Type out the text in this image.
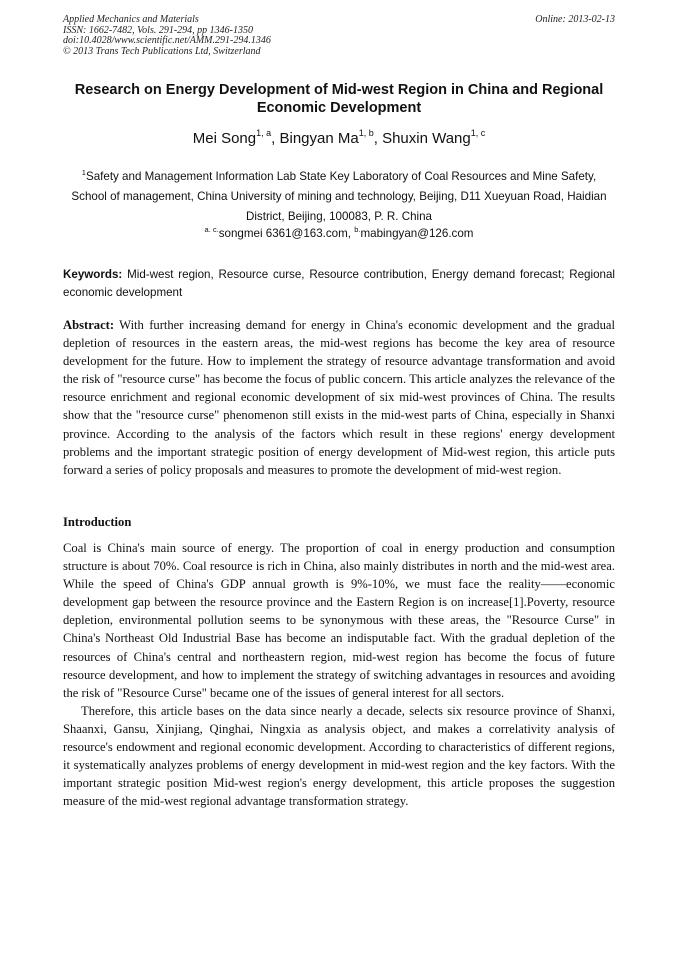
Applied Mechanics and Materials
ISSN: 1662-7482, Vols. 291-294, pp 1346-1350
doi:10.4028/www.scientific.net/AMM.291-294.1346
© 2013 Trans Tech Publications Ltd, Switzerland
Online: 2013-02-13
Research on Energy Development of Mid-west Region in China and Regional Economic Development
Mei Song$^{1, a}$, Bingyan Ma$^{1, b}$, Shuxin Wang$^{1, c}$
$^1$Safety and Management Information Lab State Key Laboratory of Coal Resources and Mine Safety, School of management, China University of mining and technology, Beijing, D11 Xueyuan Road, Haidian District, Beijing, 100083, P. R. China
$^{a. c.}$songmei 6361@163.com, $^{b.}$mabingyan@126.com
Keywords: Mid-west region, Resource curse, Resource contribution, Energy demand forecast; Regional economic development
Abstract: With further increasing demand for energy in China's economic development and the gradual depletion of resources in the eastern areas, the mid-west regions has become the key area of resource development for the future. How to implement the strategy of resource advantage transformation and avoid the risk of "resource curse" has become the focus of public concern. This article analyzes the relevance of the resource enrichment and regional economic development of six mid-west provinces of China. The results show that the "resource curse" phenomenon still exists in the mid-west parts of China, especially in Shanxi province. According to the analysis of the factors which result in these regions' energy development problems and the important strategic position of energy development of Mid-west region, this article puts forward a series of policy proposals and measures to promote the development of mid-west region.
Introduction

Coal is China's main source of energy. The proportion of coal in energy production and consumption structure is about 70%. Coal resource is rich in China, also mainly distributes in north and the mid-west area. While the speed of China's GDP annual growth is 9%-10%, we must face the reality——economic development gap between the resource province and the Eastern Region is on increase[1].Poverty, resource depletion, environmental pollution seems to be synonymous with these areas, the "Resource Curse" in China's Northeast Old Industrial Base has become an indisputable fact. With the gradual depletion of the resources of China's central and northeastern region, mid-west region has become the focus of future resource development, and how to implement the strategy of switching advantages in resources and avoiding the risk of "Resource Curse" became one of the issues of general interest for all sectors.

Therefore, this article bases on the data since nearly a decade, selects six resource province of Shanxi, Shaanxi, Gansu, Xinjiang, Qinghai, Ningxia as analysis object, and makes a correlativity analysis of resource's endowment and regional economic development. According to characteristics of different regions, it systematically analyzes problems of energy development in mid-west region and the key factors. With the important strategic position Mid-west region's energy development, this article proposes the suggestion measure of the mid-west regional advantage transformation strategy.
